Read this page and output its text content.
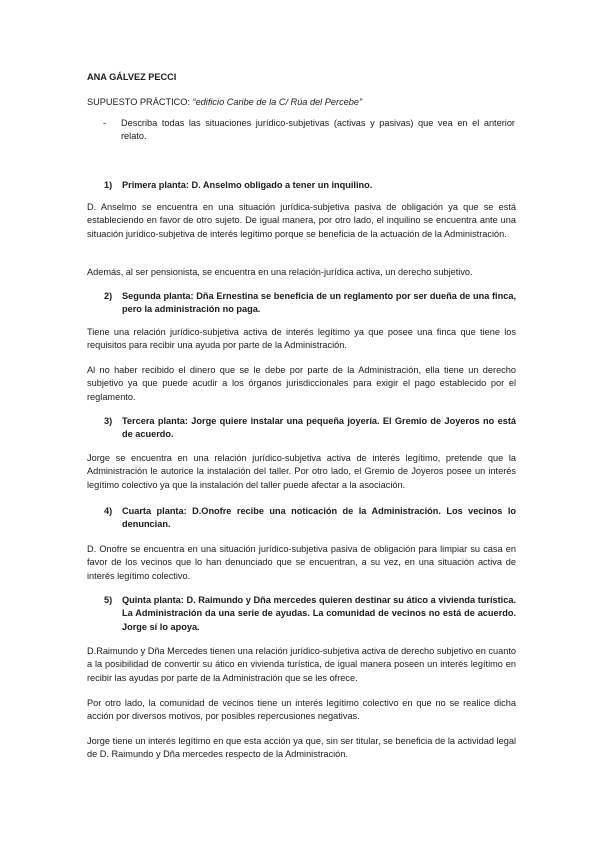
ANA GÁLVEZ PECCI
SUPUESTO PRÁCTICO: “edificio Caribe de la C/ Rúa del Percebe”
- Describa todas las situaciones jurídico-subjetivas (activas y pasivas) que vea en el anterior relato.
1) Primera planta: D. Anselmo obligado a tener un inquilino.
D. Anselmo se encuentra en una situación jurídica-subjetiva pasiva de obligación ya que se está estableciendo en favor de otro sujeto. De igual manera, por otro lado, el inquilino se encuentra ante una situación jurídico-subjetiva de interés legítimo porque se beneficia de la actuación de la Administración.
Además, al ser pensionista, se encuentra en una relación-jurídica activa, un derecho subjetivo.
2) Segunda planta: Dña Ernestina se beneficia de un reglamento por ser dueña de una finca, pero la administración no paga.
Tiene una relación jurídico-subjetiva activa de interés legítimo ya que posee una finca que tiene los requisitos para recibir una ayuda por parte de la Administración.
Al no haber recibido el dinero que se le debe por parte de la Administración, ella tiene un derecho subjetivo ya que puede acudir a los órganos jurisdiccionales para exigir el pago establecido por el reglamento.
3) Tercera planta: Jorge quiere instalar una pequeña joyería. El Gremio de Joyeros no está de acuerdo.
Jorge se encuentra en una relación jurídico-subjetiva activa de interés legítimo, pretende que la Administración le autorice la instalación del taller. Por otro lado, el Gremio de Joyeros posee un interés legítimo colectivo ya que la instalación del taller puede afectar a la asociación.
4) Cuarta planta: D.Onofre recibe una noticación de la Administración. Los vecinos lo denuncian.
D. Onofre se encuentra en una situación jurídico-subjetiva pasiva de obligación para limpiar su casa en favor de los vecinos que lo han denunciado que se encuentran, a su vez, en una situación activa de interés legítimo colectivo.
5) Quinta planta: D. Raimundo y Dña mercedes quieren destinar su ático a vivienda turística. La Administración da una serie de ayudas. La comunidad de vecinos no está de acuerdo. Jorge sí lo apoya.
D.Raimundo y Dña Mercedes tienen una relación jurídico-subjetiva activa de derecho subjetivo en cuanto a la posibilidad de convertir su ático en vivienda turística, de igual manera poseen un interés legítimo en recibir las ayudas por parte de la Administración que se les ofrece.
Por otro lado, la comunidad de vecinos tiene un interés legítimo colectivo en que no se realice dicha acción por diversos motivos, por posibles repercusiones negativas.
Jorge tiene un interés legítimo en que esta acción ya que, sin ser titular, se beneficia de la actividad legal de D. Raimundo y Dña mercedes respecto de la Administración.
